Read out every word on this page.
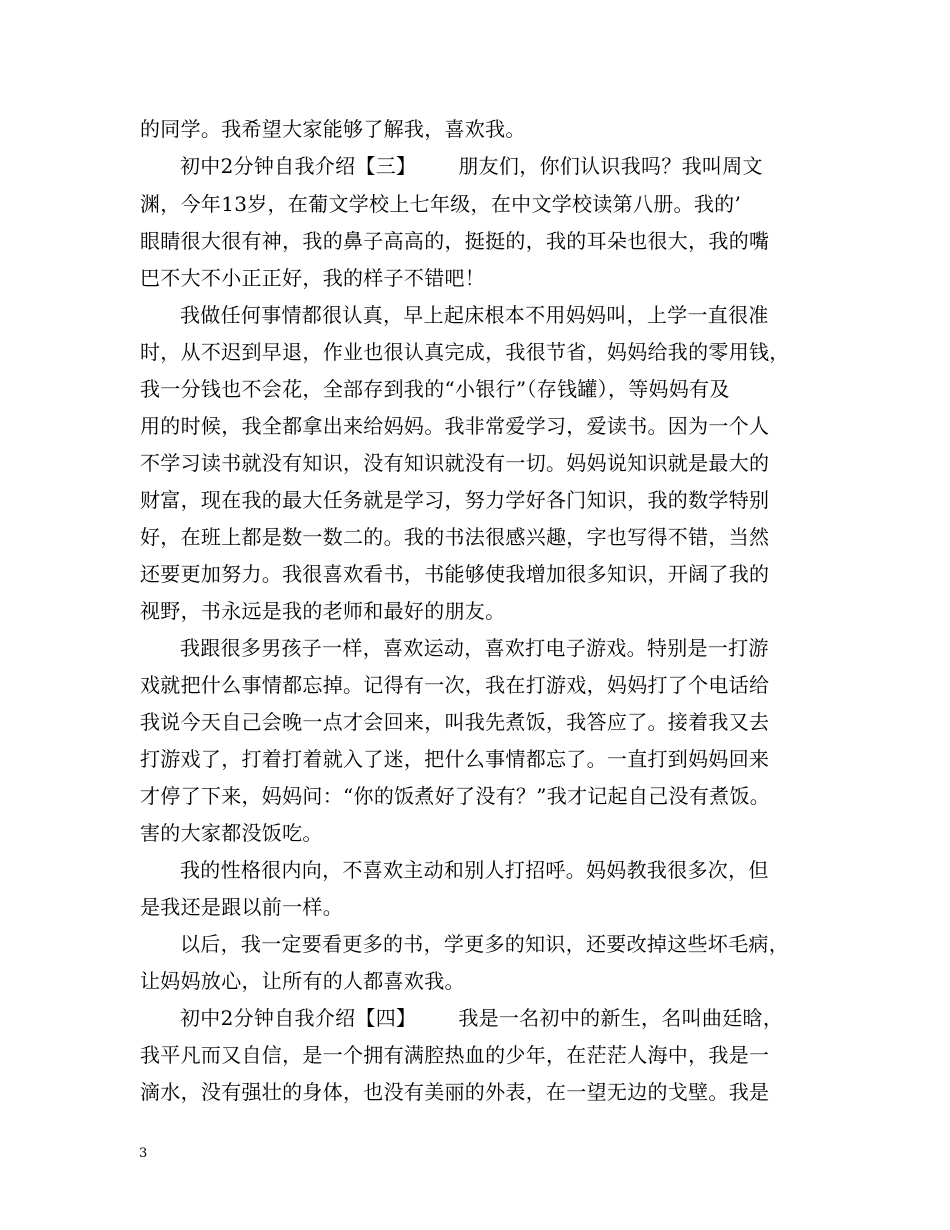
的同学。我希望大家能够了解我，喜欢我。
初中2分钟自我介绍【三】 朋友们，你们认识我吗？我叫周文
渊，今年13岁，在葡文学校上七年级，在中文学校读第八册。我的’
眼睛很大很有神，我的鼻子高高的，挺挺的，我的耳朵也很大，我的嘴
巴不大不小正正好，我的样子不错吧！
我做任何事情都很认真，早上起床根本不用妈妈叫，上学一直很准
时，从不迟到早退，作业也很认真完成，我很节省，妈妈给我的零用钱，
我一分钱也不会花，全部存到我的“小银行”（存钱罐），等妈妈有及
用的时候，我全都拿出来给妈妈。我非常爱学习，爱读书。因为一个人
不学习读书就没有知识，没有知识就没有一切。妈妈说知识就是最大的
财富，现在我的最大任务就是学习，努力学好各门知识，我的数学特别
好，在班上都是数一数二的。我的书法很感兴趣，字也写得不错，当然
还要更加努力。我很喜欢看书，书能够使我增加很多知识，开阔了我的
视野，书永远是我的老师和最好的朋友。
我跟很多男孩子一样，喜欢运动，喜欢打电子游戏。特别是一打游
戏就把什么事情都忘掉。记得有一次，我在打游戏，妈妈打了个电话给
我说今天自己会晚一点才会回来，叫我先煮饭，我答应了。接着我又去
打游戏了，打着打着就入了迷，把什么事情都忘了。一直打到妈妈回来
才停了下来，妈妈问：“你的饭煮好了没有？”我才记起自己没有煮饭。
害的大家都没饭吃。
我的性格很内向，不喜欢主动和别人打招呼。妈妈教我很多次，但
是我还是跟以前一样。
以后，我一定要看更多的书，学更多的知识，还要改掉这些坏毛病，
让妈妈放心，让所有的人都喜欢我。
初中2分钟自我介绍【四】 我是一名初中的新生，名叫曲廷晗，
我平凡而又自信，是一个拥有满腔热血的少年，在茫茫人海中，我是一
滴水，没有强壮的身体，也没有美丽的外表，在一望无边的戈壁。我是
3
